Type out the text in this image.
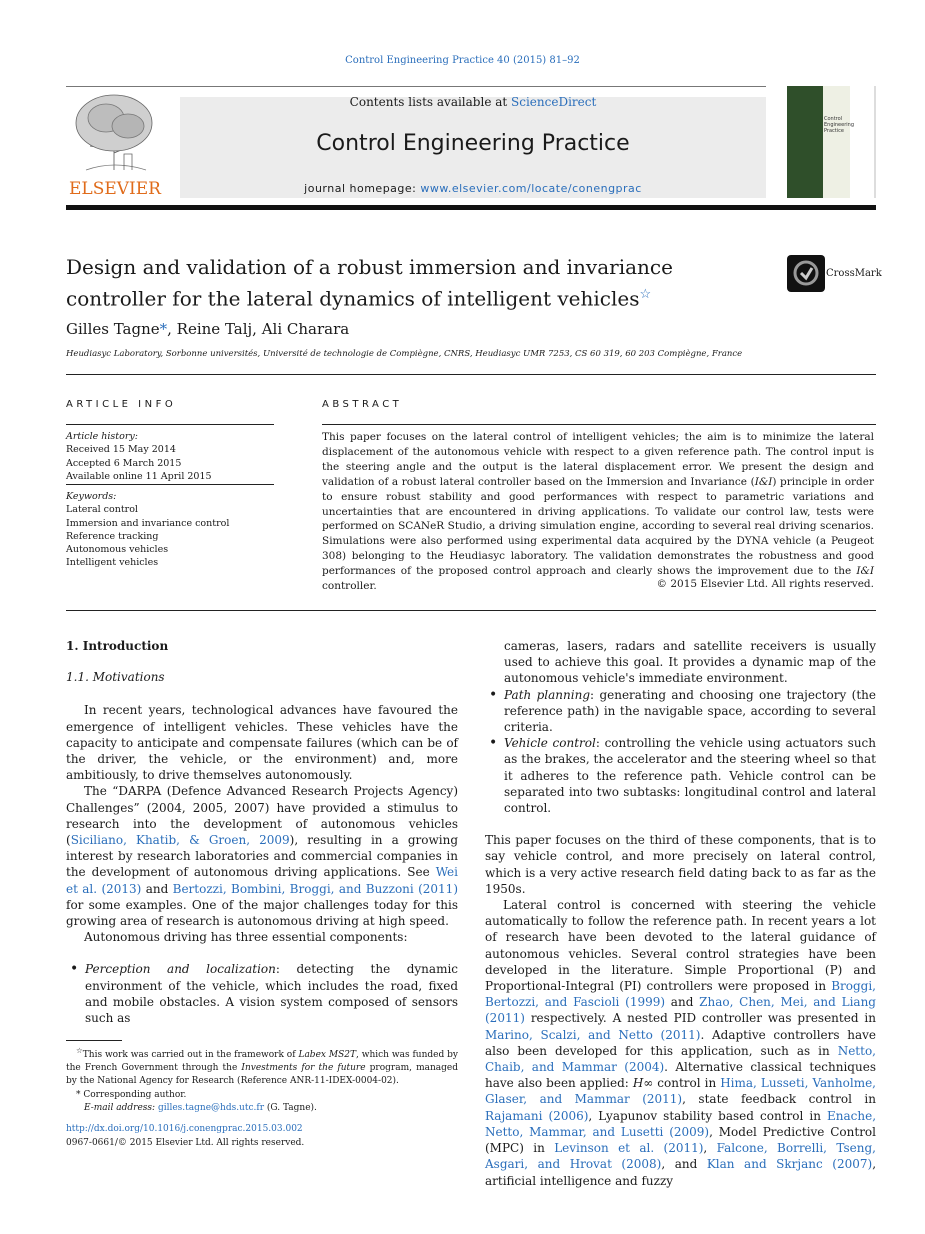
Control Engineering Practice 40 (2015) 81–92
ELSEVIER
Contents lists available at ScienceDirect
Control Engineering Practice
journal homepage: www.elsevier.com/locate/conengprac
Control Engineering Practice
Design and validation of a robust immersion and invariance controller for the lateral dynamics of intelligent vehicles☆
CrossMark
Gilles Tagne*, Reine Talj, Ali Charara
Heudiasyc Laboratory, Sorbonne universités, Université de technologie de Compiègne, CNRS, Heudiasyc UMR 7253, CS 60 319, 60 203 Compiègne, France
ARTICLE INFO
Article history:
Received 15 May 2014
Accepted 6 March 2015
Available online 11 April 2015
Keywords:
Lateral control
Immersion and invariance control
Reference tracking
Autonomous vehicles
Intelligent vehicles
ABSTRACT
This paper focuses on the lateral control of intelligent vehicles; the aim is to minimize the lateral displacement of the autonomous vehicle with respect to a given reference path. The control input is the steering angle and the output is the lateral displacement error. We present the design and validation of a robust lateral controller based on the Immersion and Invariance (I&I) principle in order to ensure robust stability and good performances with respect to parametric variations and uncertainties that are encountered in driving applications. To validate our control law, tests were performed on SCANeR Studio, a driving simulation engine, according to several real driving scenarios. Simulations were also performed using experimental data acquired by the DYNA vehicle (a Peugeot 308) belonging to the Heudiasyc laboratory. The validation demonstrates the robustness and good performances of the proposed control approach and clearly shows the improvement due to the I&I controller.	© 2015 Elsevier Ltd. All rights reserved.
1. Introduction
1.1. Motivations
In recent years, technological advances have favoured the emergence of intelligent vehicles. These vehicles have the capacity to anticipate and compensate failures (which can be of the driver, the vehicle, or the environment) and, more ambitiously, to drive themselves autonomously.
The “DARPA (Defence Advanced Research Projects Agency) Challenges” (2004, 2005, 2007) have provided a stimulus to research into the development of autonomous vehicles (Siciliano, Khatib, & Groen, 2009), resulting in a growing interest by research laboratories and commercial companies in the development of autonomous driving applications. See Wei et al. (2013) and Bertozzi, Bombini, Broggi, and Buzzoni (2011) for some examples. One of the major challenges today for this growing area of research is autonomous driving at high speed.
Autonomous driving has three essential components:
• Perception and localization: detecting the dynamic environment of the vehicle, which includes the road, fixed and mobile obstacles. A vision system composed of sensors such as
cameras, lasers, radars and satellite receivers is usually used to achieve this goal. It provides a dynamic map of the autonomous vehicle's immediate environment.
• Path planning: generating and choosing one trajectory (the reference path) in the navigable space, according to several criteria.
• Vehicle control: controlling the vehicle using actuators such as the brakes, the accelerator and the steering wheel so that it adheres to the reference path. Vehicle control can be separated into two subtasks: longitudinal control and lateral control.
This paper focuses on the third of these components, that is to say vehicle control, and more precisely on lateral control, which is a very active research field dating back to as far as the 1950s.
Lateral control is concerned with steering the vehicle automatically to follow the reference path. In recent years a lot of research have been devoted to the lateral guidance of autonomous vehicles. Several control strategies have been developed in the literature. Simple Proportional (P) and Proportional-Integral (PI) controllers were proposed in Broggi, Bertozzi, and Fascioli (1999) and Zhao, Chen, Mei, and Liang (2011) respectively. A nested PID controller was presented in Marino, Scalzi, and Netto (2011). Adaptive controllers have also been developed for this application, such as in Netto, Chaib, and Mammar (2004). Alternative classical techniques have also been applied: H∞ control in Hima, Lusseti, Vanholme, Glaser, and Mammar (2011), state feedback control in Rajamani (2006), Lyapunov stability based control in Enache, Netto, Mammar, and Lusetti (2009), Model Predictive Control (MPC) in Levinson et al. (2011), Falcone, Borrelli, Tseng, Asgari, and Hrovat (2008), and Klan and Skrjanc (2007), artificial intelligence and fuzzy
☆This work was carried out in the framework of Labex MS2T, which was funded by the French Government through the Investments for the future program, managed by the National Agency for Research (Reference ANR-11-IDEX-0004-02).
* Corresponding author.
E-mail address: gilles.tagne@hds.utc.fr (G. Tagne).
http://dx.doi.org/10.1016/j.conengprac.2015.03.002
0967-0661/© 2015 Elsevier Ltd. All rights reserved.
